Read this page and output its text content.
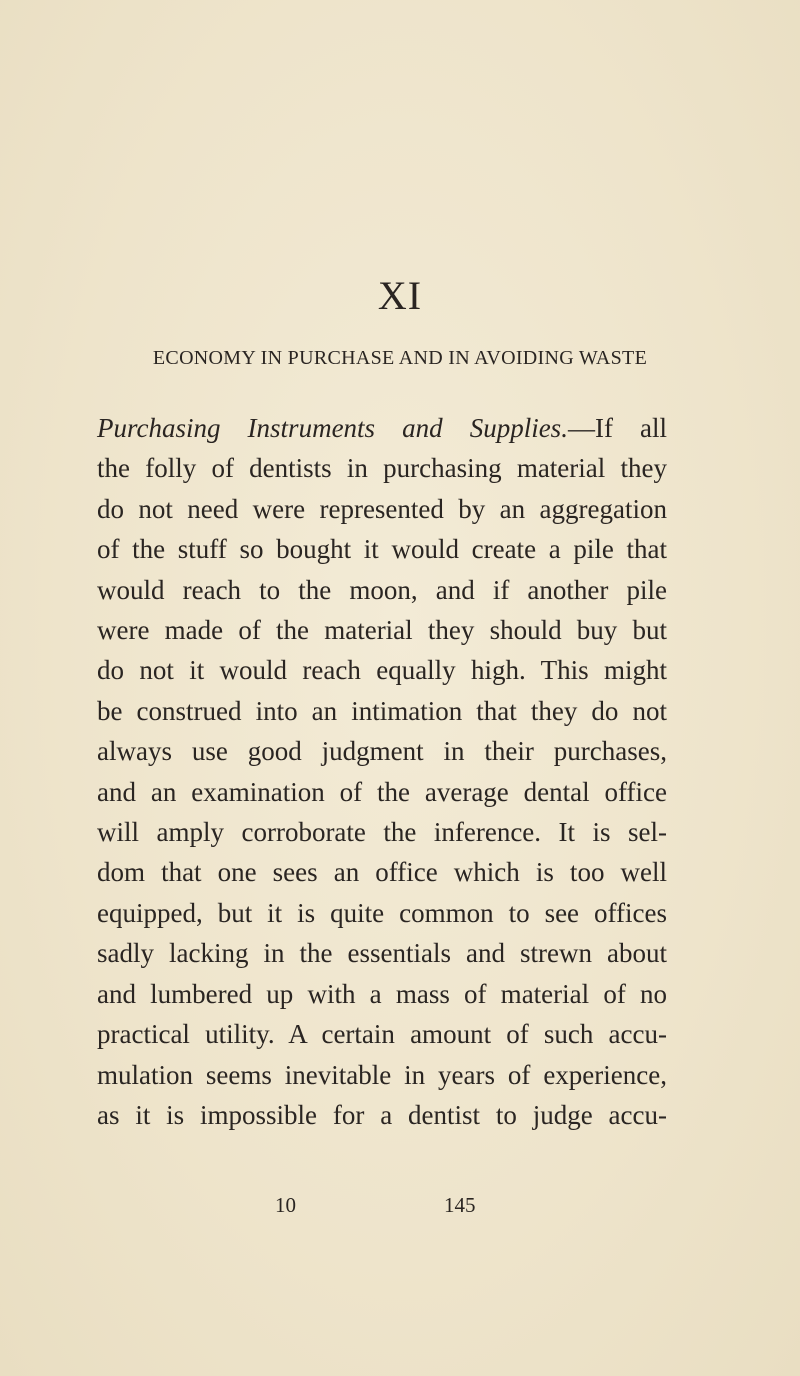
XI
ECONOMY IN PURCHASE AND IN AVOIDING WASTE
Purchasing Instruments and Supplies.—If all
the folly of dentists in purchasing material they
do not need were represented by an aggregation
of the stuff so bought it would create a pile that
would reach to the moon, and if another pile
were made of the material they should buy but
do not it would reach equally high. This might
be construed into an intimation that they do not
always use good judgment in their purchases,
and an examination of the average dental office
will amply corroborate the inference. It is sel-
dom that one sees an office which is too well
equipped, but it is quite common to see offices
sadly lacking in the essentials and strewn about
and lumbered up with a mass of material of no
practical utility. A certain amount of such accu-
mulation seems inevitable in years of experience,
as it is impossible for a dentist to judge accu-
10	145
